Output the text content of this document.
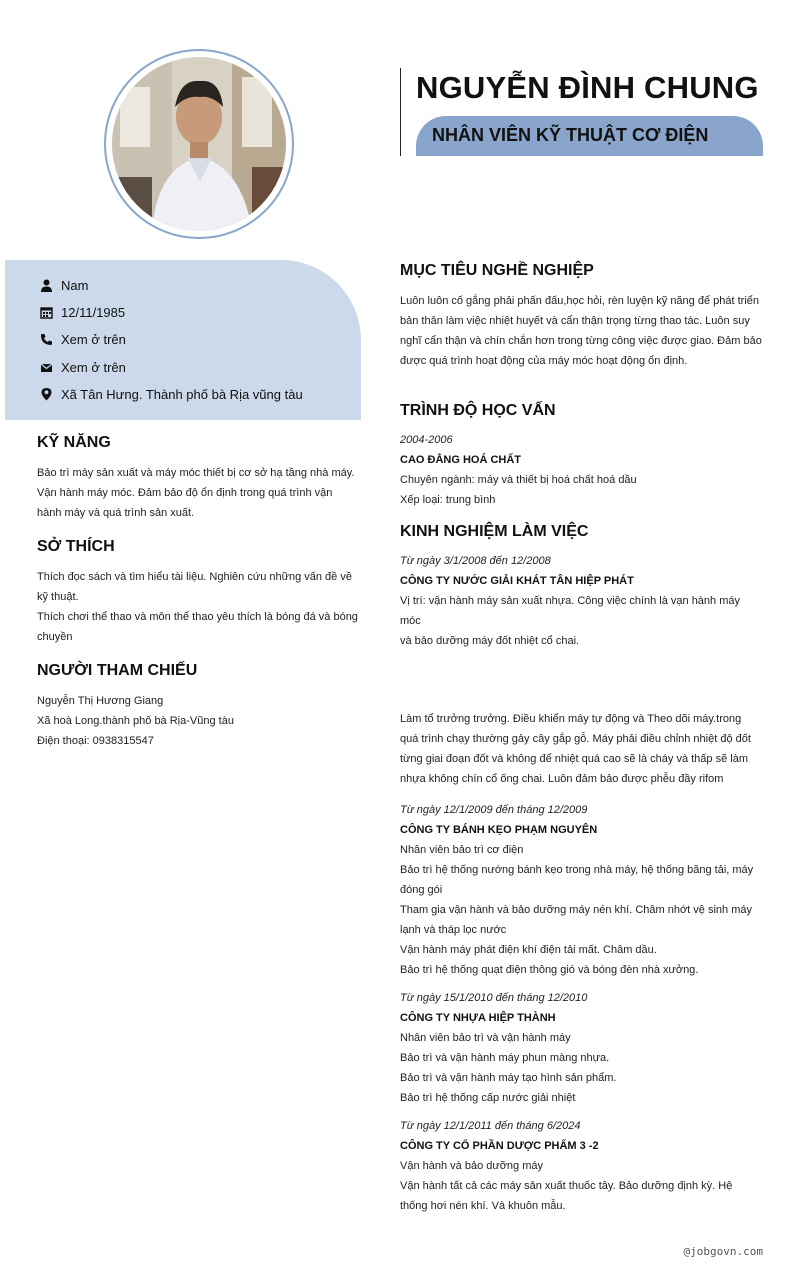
NGUYỄN ĐÌNH CHUNG
NHÂN VIÊN KỸ THUẬT CƠ ĐIỆN
Nam
12/11/1985
Xem ở trên
Xem ở trên
Xã Tân Hưng. Thành phố bà Rịa vũng tàu
KỸ NĂNG
Bảo trì máy sản xuất và máy móc thiết bị cơ sở hạ tầng nhà máy.
Vận hành máy móc. Đảm bảo độ ổn định trong quá trình vận
hành máy và quá trình sản xuất.
SỞ THÍCH
Thích đọc sách và tìm hiểu tài liệu. Nghiên cứu những vấn đề về
kỹ thuật.
Thích chơi thể thao và môn thể thao yêu thích là bóng đá và bóng
chuyền
NGƯỜI THAM CHIẾU
Nguyễn Thị Hương Giang
Xã hoà Long.thành phố bà Rịa-Vũng tàu
Điện thoại: 0938315547
MỤC TIÊU NGHỀ NGHIỆP
Luôn luôn cố gắng phải phấn đấu,học hỏi, rèn luyện kỹ năng để phát triển
bản thân làm việc nhiệt huyết và cẩn thận trọng từng thao tác. Luôn suy
nghĩ cẩn thận và chín chắn hơn trong từng công việc được giao. Đảm bảo
được quá trình hoạt động của máy móc hoạt động ổn định.
TRÌNH ĐỘ HỌC VẤN
2004-2006
CAO ĐẲNG HOÁ CHẤT
Chuyên ngành: máy và thiết bị hoá chất hoá dầu
Xếp loại: trung bình
KINH NGHIỆM LÀM VIỆC
Từ ngày 3/1/2008 đến 12/2008
CÔNG TY NƯỚC GIẢI KHÁT TÂN HIỆP PHÁT
Vị trí: vận hành máy sản xuất nhựa. Công việc chính là vạn hành máy móc
và bảo dưỡng máy đốt nhiệt cổ chai.
Làm tổ trưởng trưởng. Điều khiển máy tự động và Theo dõi máy.trong
quá trình chạy thường gảy cây gắp gỗ. Máy phải điều chỉnh nhiệt độ đốt
từng giai đoạn đốt và không để nhiệt quá cao sẽ là cháy và thấp sẽ làm
nhựa không chín cổ ống chai. Luôn đảm bảo được phễu đầy rifom
Từ ngày 12/1/2009 đến tháng 12/2009
CÔNG TY BÁNH KẸO PHẠM NGUYÊN
Nhân viên bảo trì cơ điện
Bảo trì hệ thống nướng bánh kẹo trong nhà máy, hệ thống băng tải, máy
đóng gói
Tham gia vận hành và bảo dưỡng máy nén khí. Châm nhớt vệ sinh máy
lạnh và tháp lọc nước
Vận hành máy phát điện khí điện tải mất. Châm dầu.
Bảo trì hệ thống quạt điện thông gió và bóng đèn nhà xưởng.
Từ ngày 15/1/2010 đến tháng 12/2010
CÔNG TY NHỰA HIỆP THÀNH
Nhân viên bảo trì và vận hành máy
Bảo trì và vận hành máy phun màng nhựa.
Bảo trì và vận hành máy tạo hình sản phẩm.
Bảo trì hệ thống cấp nước giải nhiệt
Từ ngày 12/1/2011 đến tháng 6/2024
CÔNG TY CỔ PHẦN DƯỢC PHẨM 3 -2
Vận hành và bảo dưỡng máy
Vận hành tất cả các máy sản xuất thuốc tây. Bảo dưỡng định kỳ. Hệ
thống hơi nén khí. Và khuôn mẫu.
@jobgovn.com
